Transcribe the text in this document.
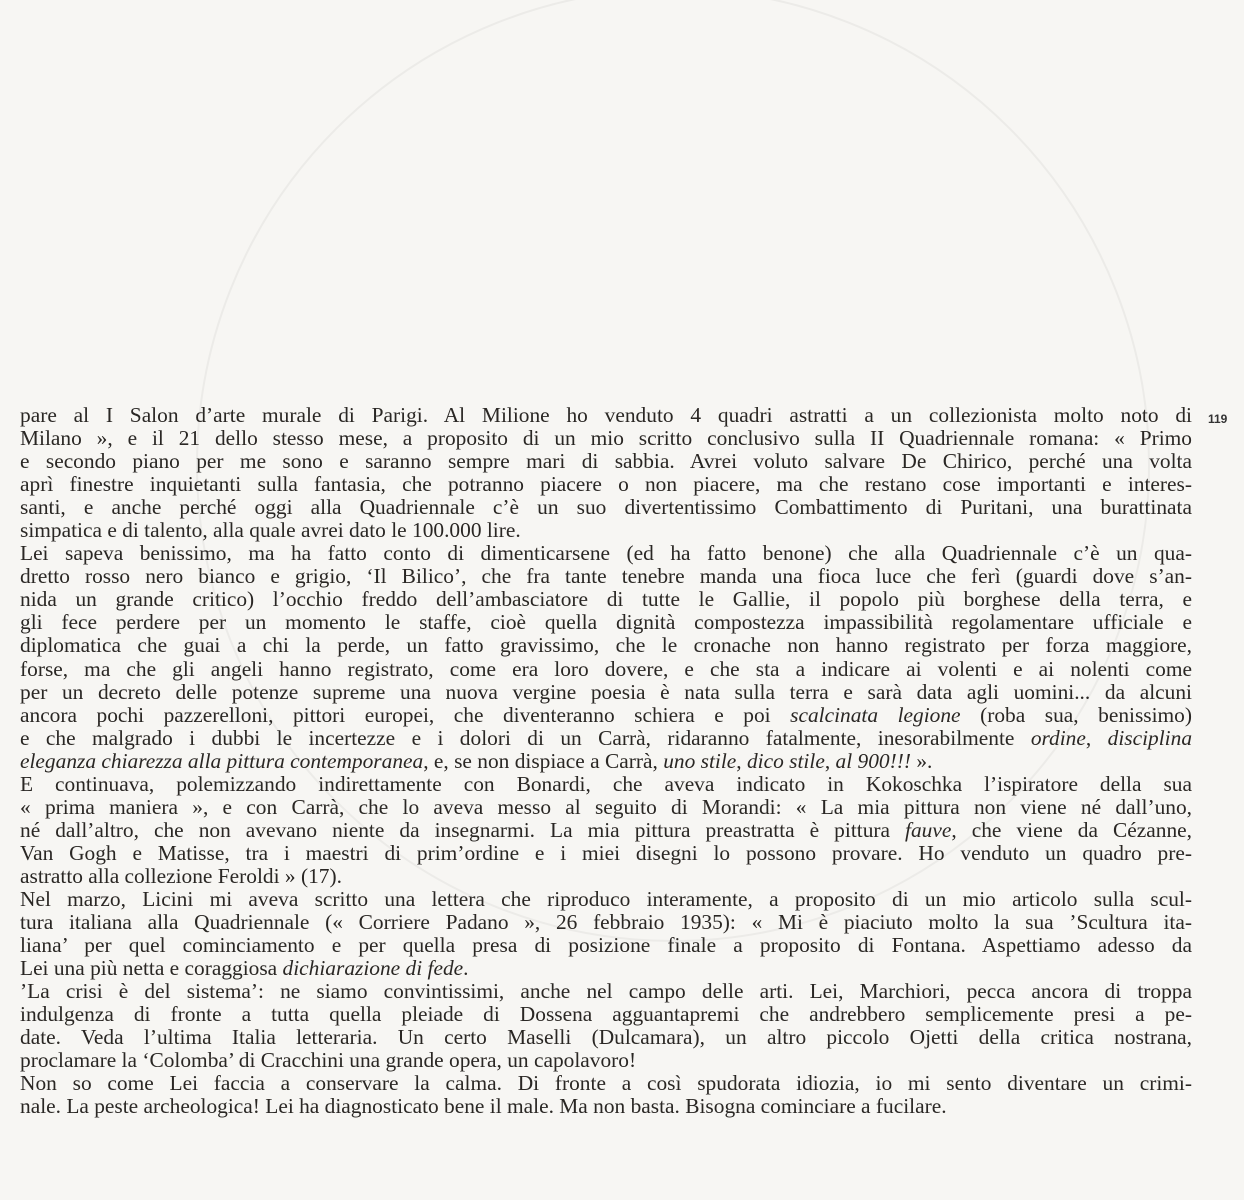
119
pare al I Salon d’arte murale di Parigi. Al Milione ho venduto 4 quadri astratti a un collezionista molto noto di
Milano », e il 21 dello stesso mese, a proposito di un mio scritto conclusivo sulla II Quadriennale romana: « Primo
e secondo piano per me sono e saranno sempre mari di sabbia. Avrei voluto salvare De Chirico, perché una volta
aprì finestre inquietanti sulla fantasia, che potranno piacere o non piacere, ma che restano cose importanti e interes-
santi, e anche perché oggi alla Quadriennale c’è un suo divertentissimo Combattimento di Puritani, una burattinata
simpatica e di talento, alla quale avrei dato le 100.000 lire.
Lei sapeva benissimo, ma ha fatto conto di dimenticarsene (ed ha fatto benone) che alla Quadriennale c’è un qua-
dretto rosso nero bianco e grigio, ‘Il Bilico’, che fra tante tenebre manda una fioca luce che ferì (guardi dove s’an-
nida un grande critico) l’occhio freddo dell’ambasciatore di tutte le Gallie, il popolo più borghese della terra, e
gli fece perdere per un momento le staffe, cioè quella dignità compostezza impassibilità regolamentare ufficiale e
diplomatica che guai a chi la perde, un fatto gravissimo, che le cronache non hanno registrato per forza maggiore,
forse, ma che gli angeli hanno registrato, come era loro dovere, e che sta a indicare ai volenti e ai nolenti come
per un decreto delle potenze supreme una nuova vergine poesia è nata sulla terra e sarà data agli uomini... da alcuni
ancora pochi pazzerelloni, pittori europei, che diventeranno schiera e poi scalcinata legione (roba sua, benissimo)
e che malgrado i dubbi le incertezze e i dolori di un Carrà, ridaranno fatalmente, inesorabilmente ordine, disciplina
eleganza chiarezza alla pittura contemporanea, e, se non dispiace a Carrà, uno stile, dico stile, al 900!!! ».
E continuava, polemizzando indirettamente con Bonardi, che aveva indicato in Kokoschka l’ispiratore della sua
« prima maniera », e con Carrà, che lo aveva messo al seguito di Morandi: « La mia pittura non viene né dall’uno,
né dall’altro, che non avevano niente da insegnarmi. La mia pittura preastratta è pittura fauve, che viene da Cézanne,
Van Gogh e Matisse, tra i maestri di prim’ordine e i miei disegni lo possono provare. Ho venduto un quadro pre-
astratto alla collezione Feroldi » (17).
Nel marzo, Licini mi aveva scritto una lettera che riproduco interamente, a proposito di un mio articolo sulla scul-
tura italiana alla Quadriennale (« Corriere Padano », 26 febbraio 1935): « Mi è piaciuto molto la sua ’Scultura ita-
liana’ per quel cominciamento e per quella presa di posizione finale a proposito di Fontana. Aspettiamo adesso da
Lei una più netta e coraggiosa dichiarazione di fede.
’La crisi è del sistema’: ne siamo convintissimi, anche nel campo delle arti. Lei, Marchiori, pecca ancora di troppa
indulgenza di fronte a tutta quella pleiade di Dossena agguantapremi che andrebbero semplicemente presi a pe-
date. Veda l’ultima Italia letteraria. Un certo Maselli (Dulcamara), un altro piccolo Ojetti della critica nostrana,
proclamare la ‘Colomba’ di Cracchini una grande opera, un capolavoro!
Non so come Lei faccia a conservare la calma. Di fronte a così spudorata idiozia, io mi sento diventare un crimi-
nale. La peste archeologica! Lei ha diagnosticato bene il male. Ma non basta. Bisogna cominciare a fucilare.
